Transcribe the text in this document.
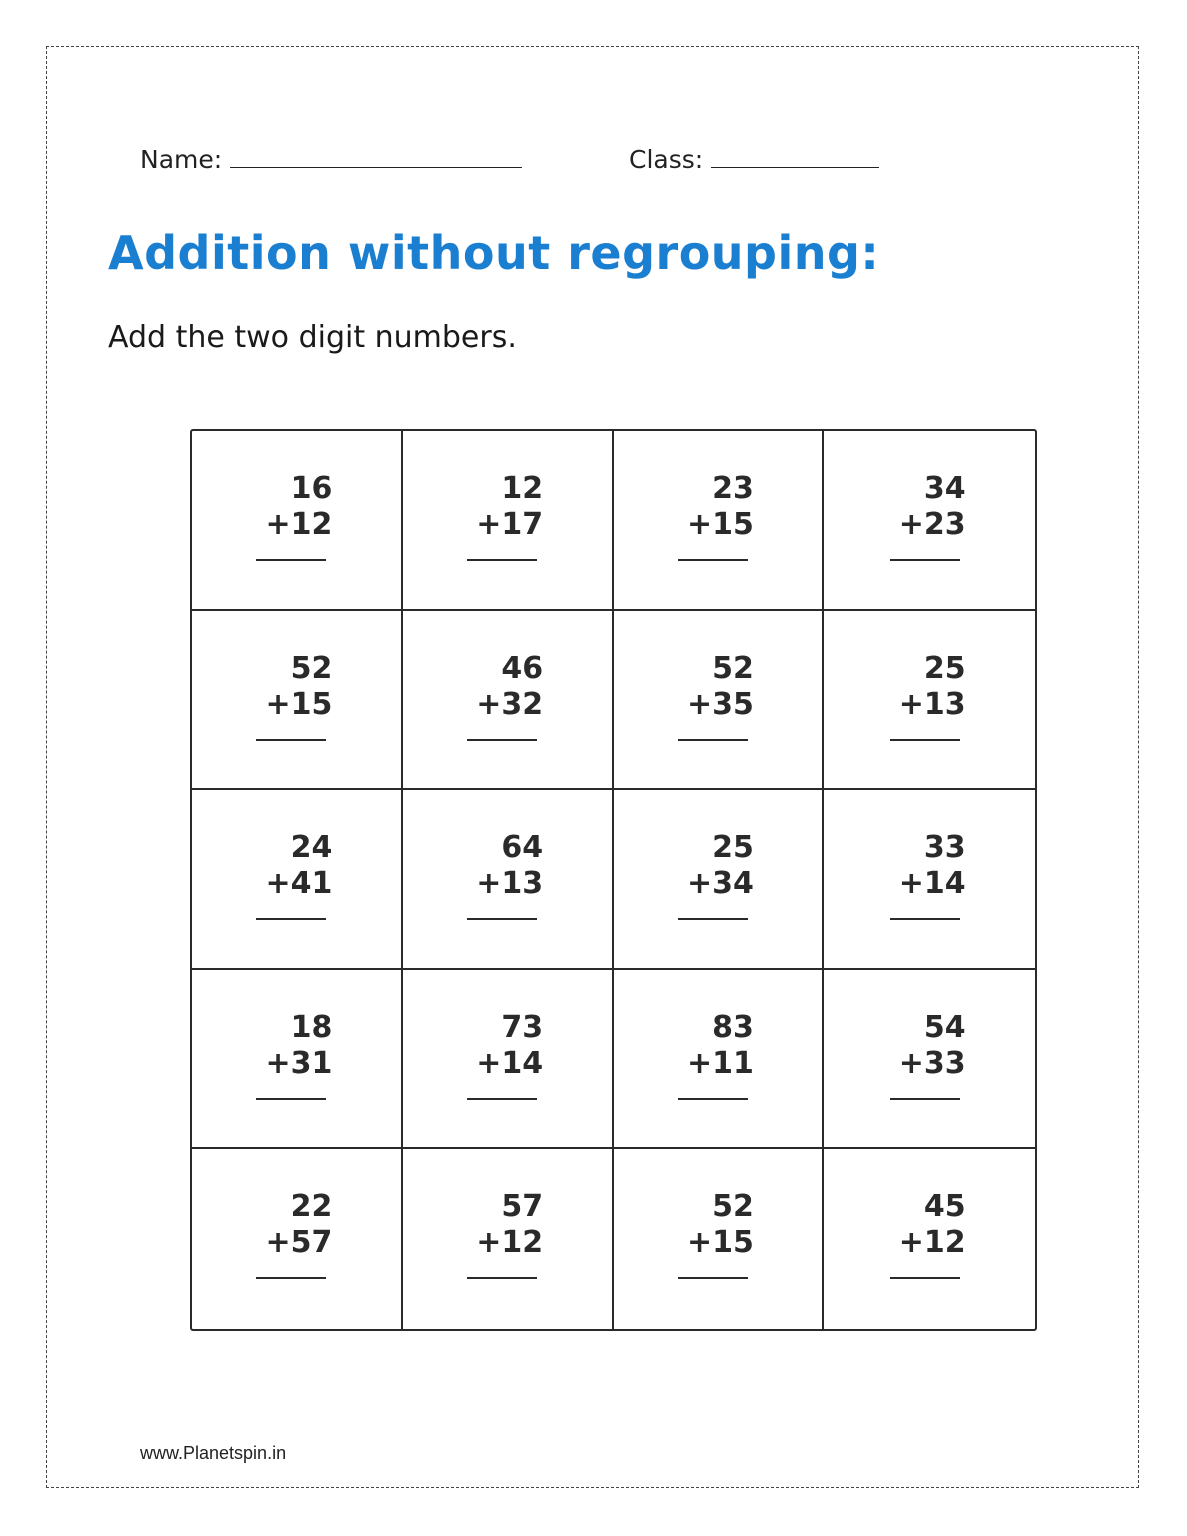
Name:	Class:
Addition without regrouping:
Add the two digit numbers.
16
+12
12
+17
23
+15
34
+23
52
+15
46
+32
52
+35
25
+13
24
+41
64
+13
25
+34
33
+14
18
+31
73
+14
83
+11
54
+33
22
+57
57
+12
52
+15
45
+12
www.Planetspin.in
